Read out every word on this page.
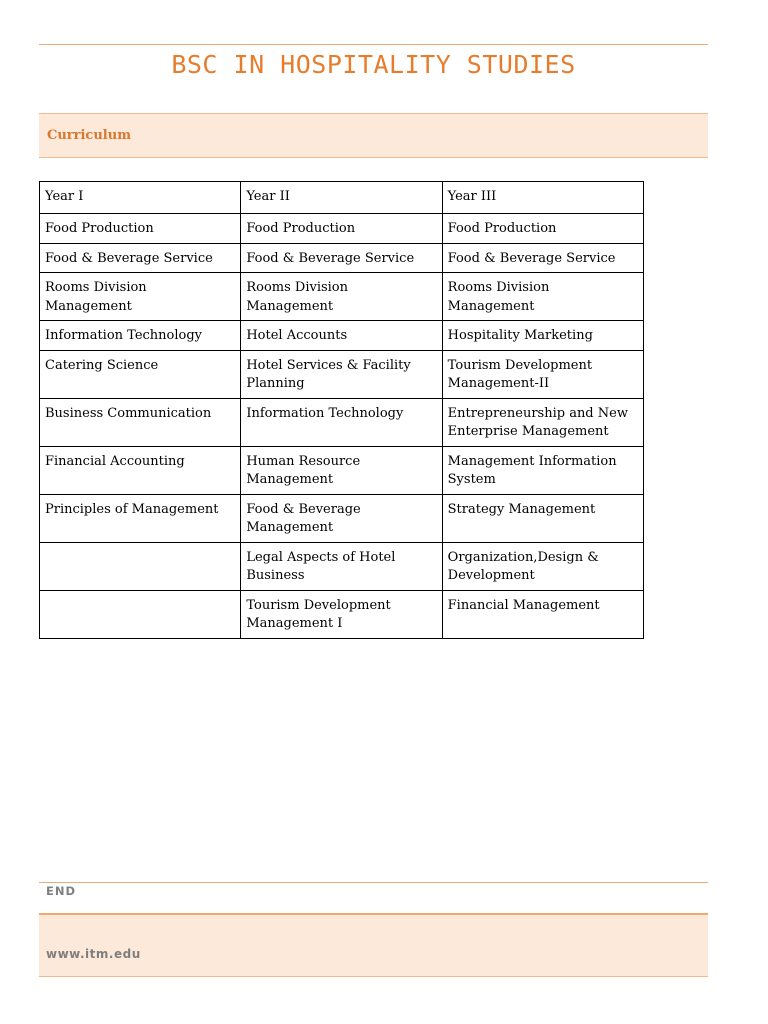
BSC IN HOSPITALITY STUDIES
Curriculum
Year I	Year II	Year III
Food Production	Food Production	Food Production
Food & Beverage Service	Food & Beverage Service	Food & Beverage Service
Rooms Division Management	Rooms Division Management	Rooms Division Management
Information Technology	Hotel Accounts	Hospitality Marketing
Catering Science	Hotel Services & Facility Planning	Tourism Development Management-II
Business Communication	Information Technology	Entrepreneurship and New Enterprise Management
Financial Accounting	Human Resource Management	Management Information System
Principles of Management	Food & Beverage Management	Strategy Management
	Legal Aspects of Hotel Business	Organization,Design & Development
	Tourism Development Management I	Financial Management
END
www.itm.edu
